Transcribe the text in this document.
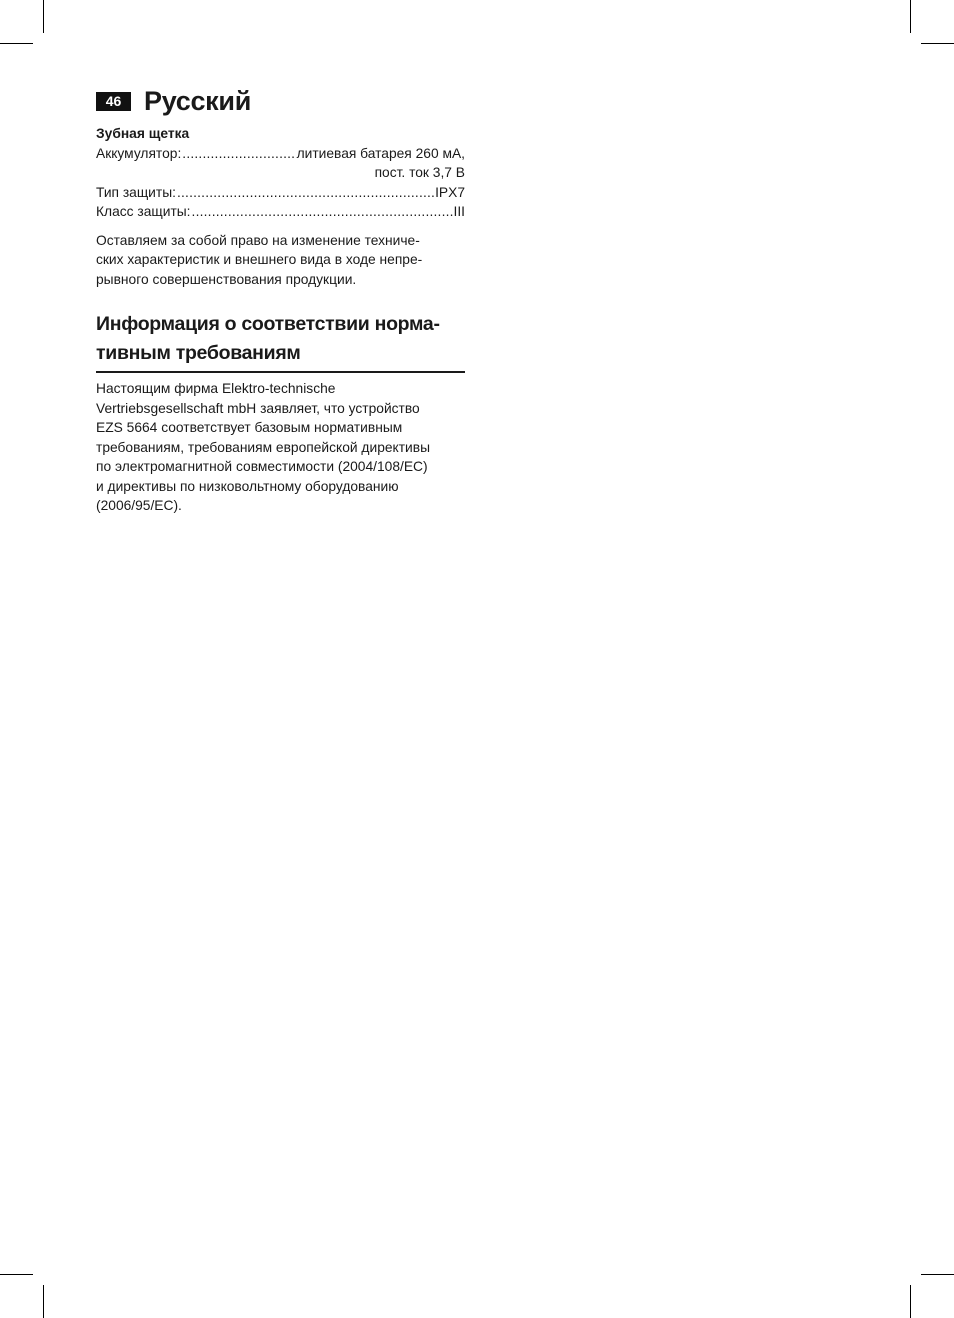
46 Русский

Зубная щетка

Аккумулятор: .....	литиевая батарея 260 мА,
пост. ток 3,7 В
Тип защиты: .....	IPX7
Класс защиты: .....	III

Оставляем за собой право на изменение техниче-
ских характеристик и внешнего вида в ходе непре-
рывного совершенствования продукции.

Информация о соответствии норма-
тивным требованиям

Настоящим фирма Elektro-technische
Vertriebsgesellschaft mbH заявляет, что устройство
EZS 5664 соответствует базовым нормативным
требованиям, требованиям европейской директивы
по электромагнитной совместимости (2004/108/EC)
и директивы по низковольтному оборудованию
(2006/95/EC).
